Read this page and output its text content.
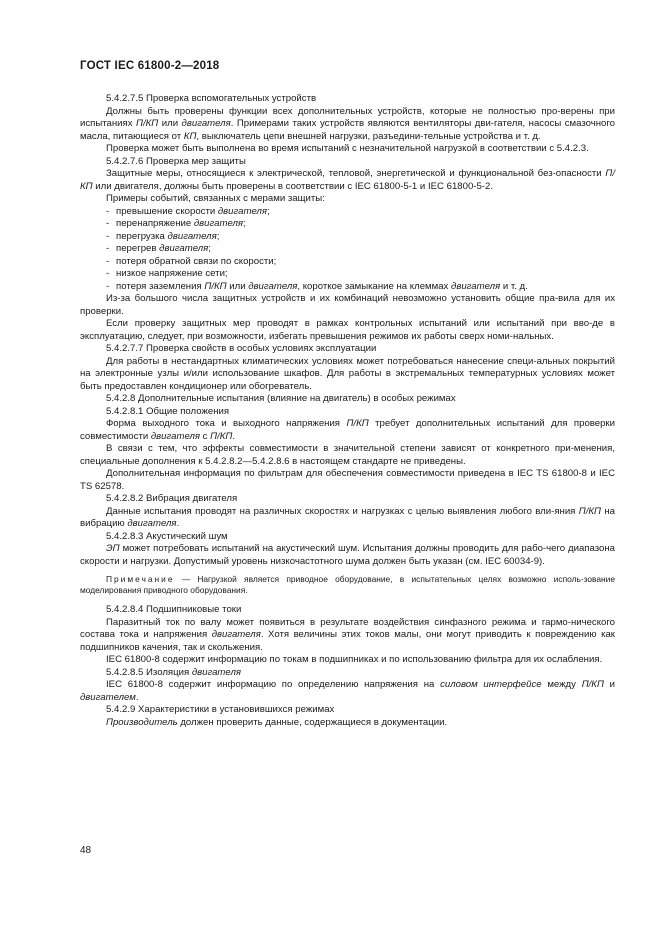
ГОСТ IEC 61800-2—2018

5.4.2.7.5 Проверка вспомогательных устройств

Должны быть проверены функции всех дополнительных устройств, которые не полностью про-верены при испытаниях П/КП или двигателя. Примерами таких устройств являются вентиляторы дви-гателя, насосы смазочного масла, питающиеся от КП, выключатель цепи внешней нагрузки, разъедини-тельные устройства и т. д.

Проверка может быть выполнена во время испытаний с незначительной нагрузкой в соответствии с 5.4.2.3.

5.4.2.7.6 Проверка мер защиты

Защитные меры, относящиеся к электрической, тепловой, энергетической и функциональной без-опасности П/КП или двигателя, должны быть проверены в соответствии с IEC 61800-5-1 и IEC 61800-5-2.

Примеры событий, связанных с мерами защиты:

- превышение скорости двигателя;

- перенапряжение двигателя;

- перегрузка двигателя;

- перегрев двигателя;

- потеря обратной связи по скорости;

- низкое напряжение сети;

- потеря заземления П/КП или двигателя, короткое замыкание на клеммах двигателя и т. д.

Из-за большого числа защитных устройств и их комбинаций невозможно установить общие пра-вила для их проверки.

Если проверку защитных мер проводят в рамках контрольных испытаний или испытаний при вво-де в эксплуатацию, следует, при возможности, избегать превышения режимов их работы сверх номи-нальных.

5.4.2.7.7 Проверка свойств в особых условиях эксплуатации

Для работы в нестандартных климатических условиях может потребоваться нанесение специ-альных покрытий на электронные узлы и/или использование шкафов. Для работы в экстремальных температурных условиях может быть предоставлен кондиционер или обогреватель.

5.4.2.8 Дополнительные испытания (влияние на двигатель) в особых режимах

5.4.2.8.1 Общие положения

Форма выходного тока и выходного напряжения П/КП требует дополнительных испытаний для проверки совместимости двигателя с П/КП.

В связи с тем, что эффекты совместимости в значительной степени зависят от конкретного при-менения, специальные дополнения к 5.4.2.8.2—5.4.2.8.6 в настоящем стандарте не приведены.

Дополнительная информация по фильтрам для обеспечения совместимости приведена в IEC TS 61800-8 и IEC TS 62578.

5.4.2.8.2 Вибрация двигателя

Данные испытания проводят на различных скоростях и нагрузках с целью выявления любого вли-яния П/КП на вибрацию двигателя.

5.4.2.8.3 Акустический шум

ЭП может потребовать испытаний на акустический шум. Испытания должны проводить для рабо-чего диапазона скорости и нагрузки. Допустимый уровень низкочастотного шума должен быть указан (см. IEC 60034-9).

Примечание — Нагрузкой является приводное оборудование, в испытательных целях возможно исполь-зование моделирования приводного оборудования.

5.4.2.8.4 Подшипниковые токи

Паразитный ток по валу может появиться в результате воздействия синфазного режима и гармо-нического состава тока и напряжения двигателя. Хотя величины этих токов малы, они могут приводить к повреждению как подшипников качения, так и скольжения.

IEC 61800-8 содержит информацию по токам в подшипниках и по использованию фильтра для их ослабления.

5.4.2.8.5 Изоляция двигателя

IEC 61800-8 содержит информацию по определению напряжения на силовом интерфейсе между П/КП и двигателем.

5.4.2.9 Характеристики в установившихся режимах

Производитель должен проверить данные, содержащиеся в документации.

48
